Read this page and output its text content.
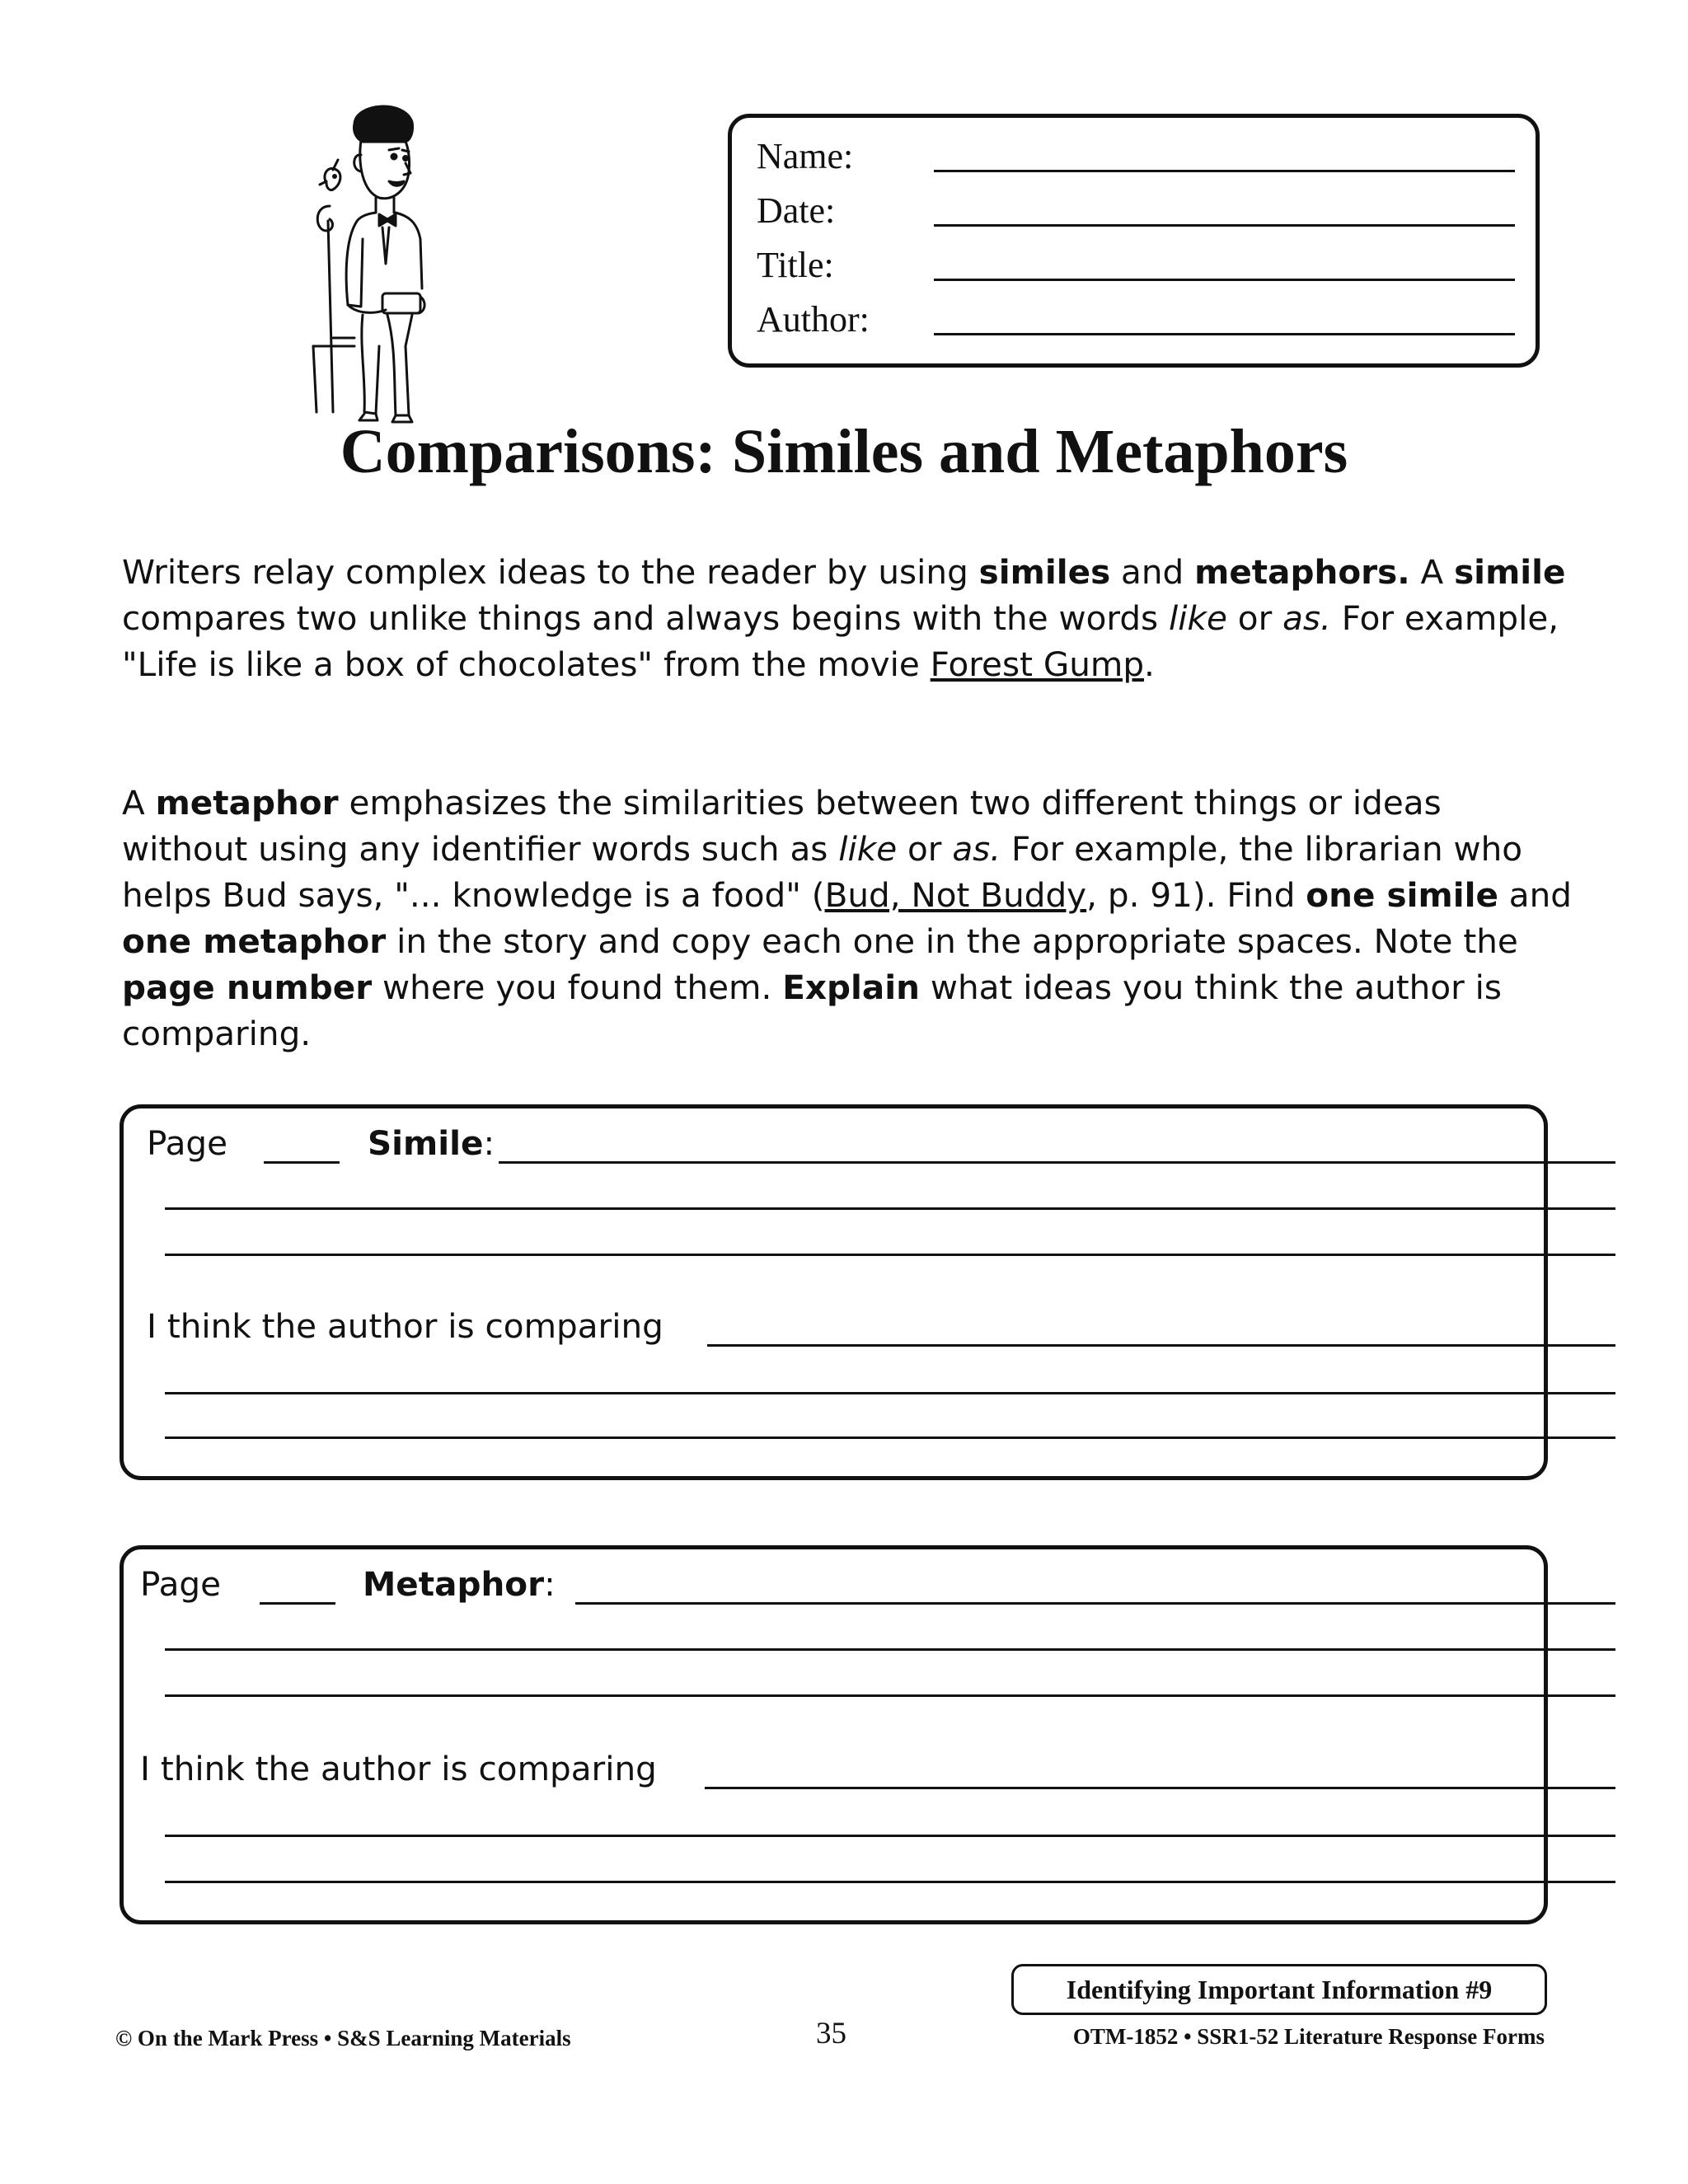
Name:
Date:
Title:
Author:
Comparisons: Similes and Metaphors

Writers relay complex ideas to the reader by using similes and metaphors. A simile compares two unlike things and always begins with the words like or as. For example, "Life is like a box of chocolates" from the movie Forest Gump.

A metaphor emphasizes the similarities between two different things or ideas without using any identifier words such as like or as. For example, the librarian who helps Bud says, "... knowledge is a food" (Bud, Not Buddy, p. 91). Find one simile and one metaphor in the story and copy each one in the appropriate spaces. Note the page number where you found them. Explain what ideas you think the author is comparing.

Page	Simile:
I think the author is comparing
Page	Metaphor:
I think the author is comparing
Identifying Important Information #9
© On the Mark Press • S&S Learning Materials	35	OTM-1852 • SSR1-52 Literature Response Forms
